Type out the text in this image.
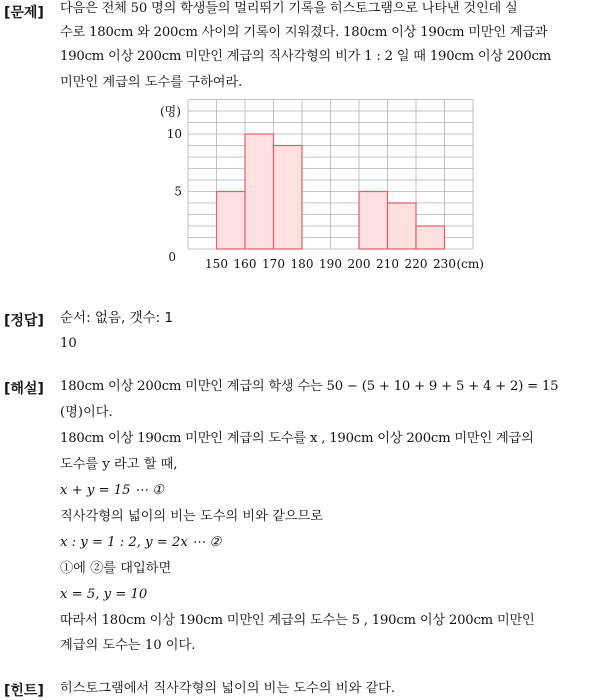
[문제] 다음은 전체 50 명의 학생들의 멀리뛰기 기록을 히스토그램으로 나타낸 것인데 실
수로 180cm 와 200cm 사이의 기록이 지워졌다. 180cm 이상 190cm 미만인 계급과
190cm 이상 200cm 미만인 계급의 직사각형의 비가 1 : 2 일 때 190cm 이상 200cm
미만인 계급의 도수를 구하여라.
150 160 170 180 190 200 210 220 230 (cm)
0
5
10
(명)
[정답] 순서: 없음, 갯수: 1
10
[해설] 180cm 이상 200cm 미만인 계급의 학생 수는 50 − (5 + 10 + 9 + 5 + 4 + 2) = 15
(명)이다.
180cm 이상 190cm 미만인 계급의 도수를 x , 190cm 이상 200cm 미만인 계급의
도수를 y 라고 할 때,
x + y = 15 ⋯ ①
직사각형의 넓이의 비는 도수의 비와 같으므로
x : y = 1 : 2, y = 2x ⋯ ②
①에 ②를 대입하면
x = 5, y = 10
따라서 180cm 이상 190cm 미만인 계급의 도수는 5 , 190cm 이상 200cm 미만인
계급의 도수는 10 이다.
[힌트] 히스토그램에서 직사각형의 넓이의 비는 도수의 비와 같다.
